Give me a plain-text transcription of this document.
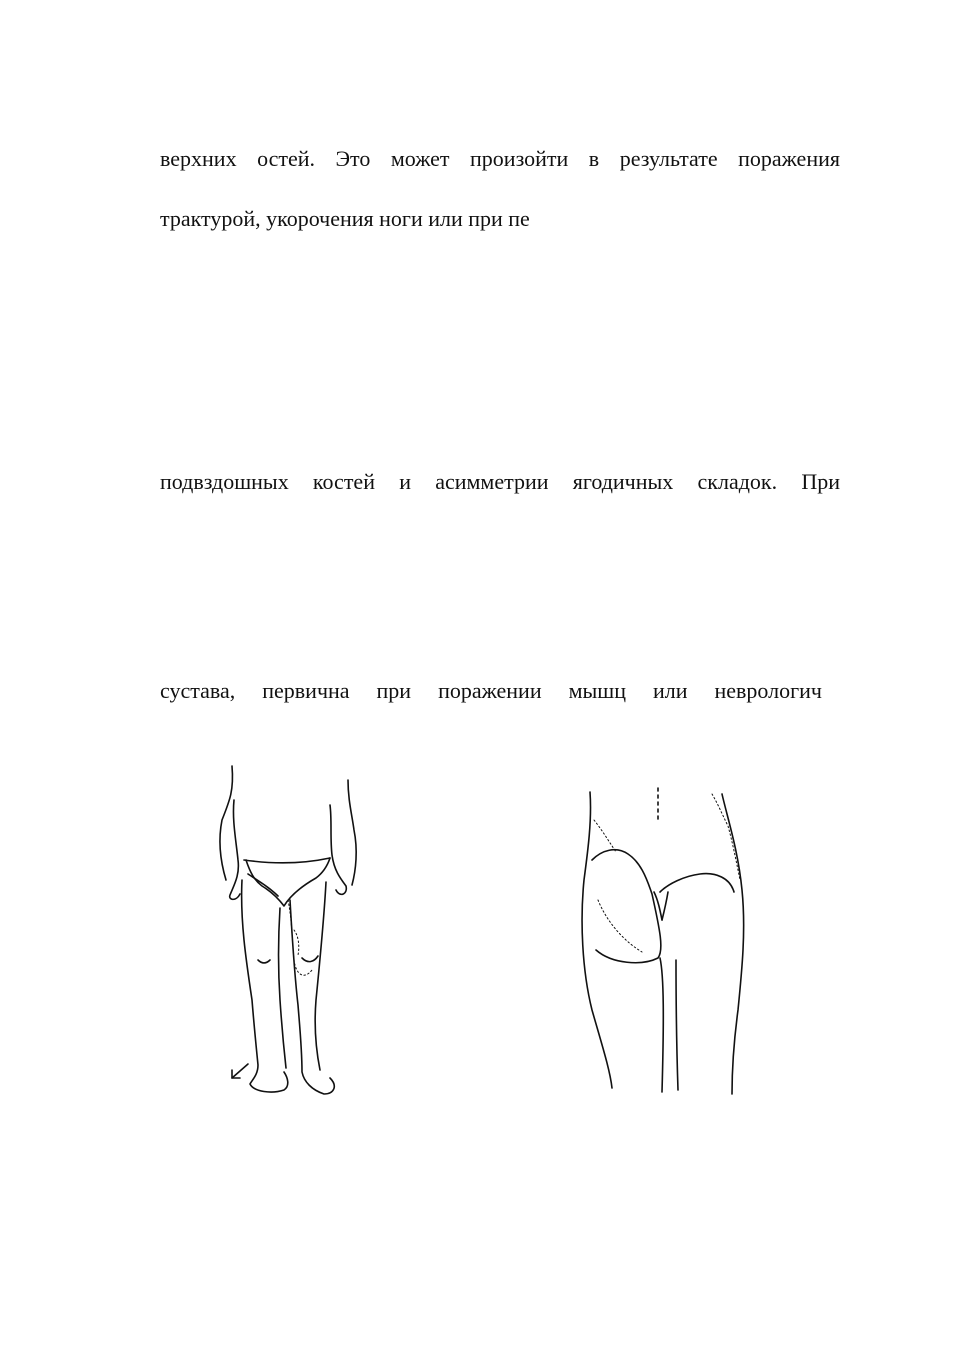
верхних остей. Это может произойти в результате поражения
трактурой, укорочения ноги или при пе
подвздошных костей и асимметрии ягодичных складок. При
сустава, первична при поражении мышц или неврологич
